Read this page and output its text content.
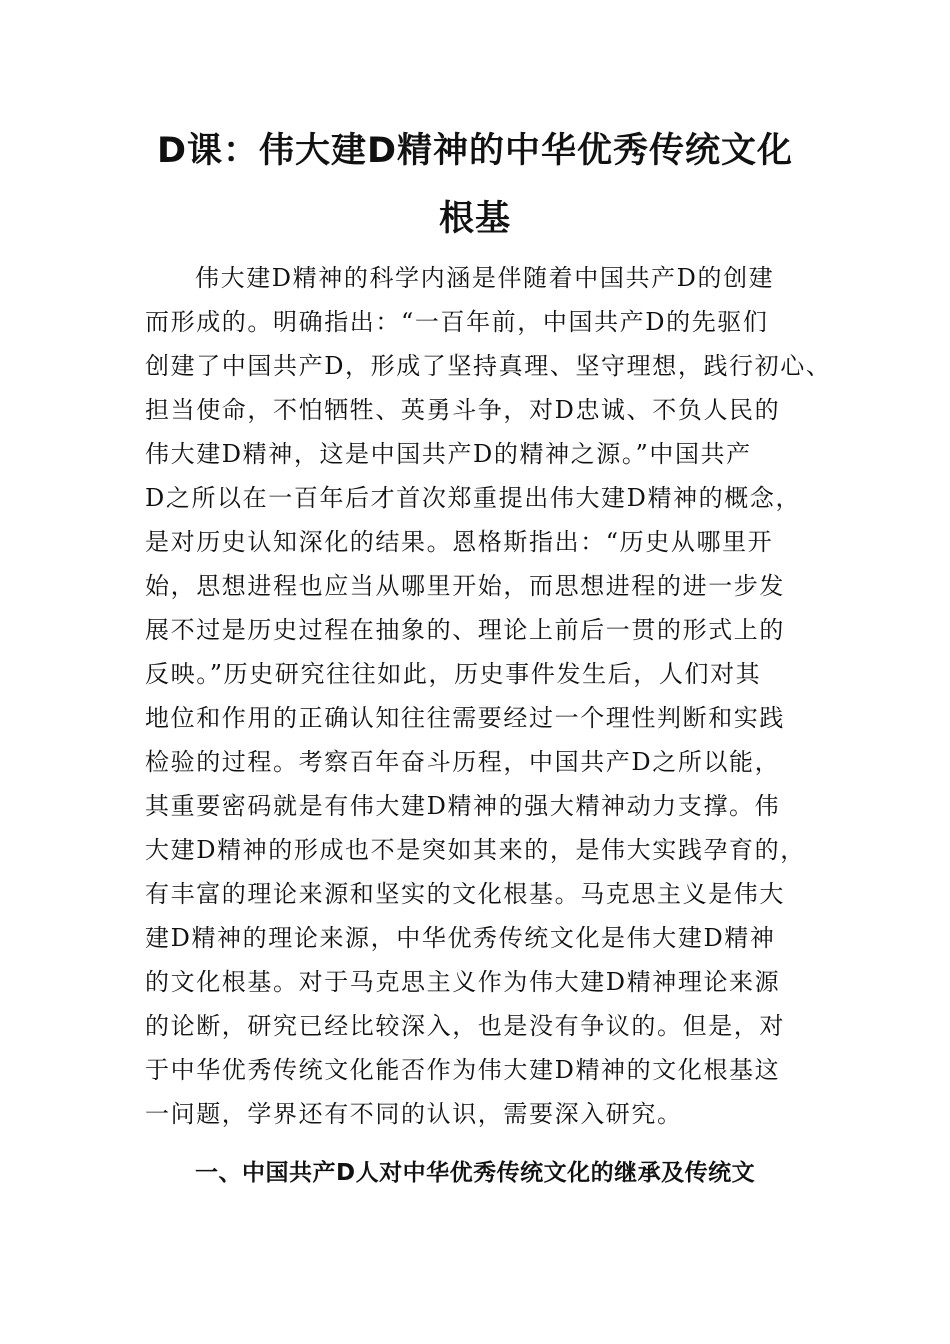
D课：伟大建D精神的中华优秀传统文化
根基
伟大建D精神的科学内涵是伴随着中国共产D的创建
而形成的。明确指出：“一百年前，中国共产D的先驱们
创建了中国共产D，形成了坚持真理、坚守理想，践行初心、
担当使命，不怕牺牲、英勇斗争，对D忠诚、不负人民的
伟大建D精神，这是中国共产D的精神之源。”中国共产
D之所以在一百年后才首次郑重提出伟大建D精神的概念，
是对历史认知深化的结果。恩格斯指出：“历史从哪里开
始，思想进程也应当从哪里开始，而思想进程的进一步发
展不过是历史过程在抽象的、理论上前后一贯的形式上的
反映。”历史研究往往如此，历史事件发生后，人们对其
地位和作用的正确认知往往需要经过一个理性判断和实践
检验的过程。考察百年奋斗历程，中国共产D之所以能，
其重要密码就是有伟大建D精神的强大精神动力支撑。伟
大建D精神的形成也不是突如其来的，是伟大实践孕育的，
有丰富的理论来源和坚实的文化根基。马克思主义是伟大
建D精神的理论来源，中华优秀传统文化是伟大建D精神
的文化根基。对于马克思主义作为伟大建D精神理论来源
的论断，研究已经比较深入，也是没有争议的。但是，对
于中华优秀传统文化能否作为伟大建D精神的文化根基这
一问题，学界还有不同的认识，需要深入研究。
一、中国共产D人对中华优秀传统文化的继承及传统文
